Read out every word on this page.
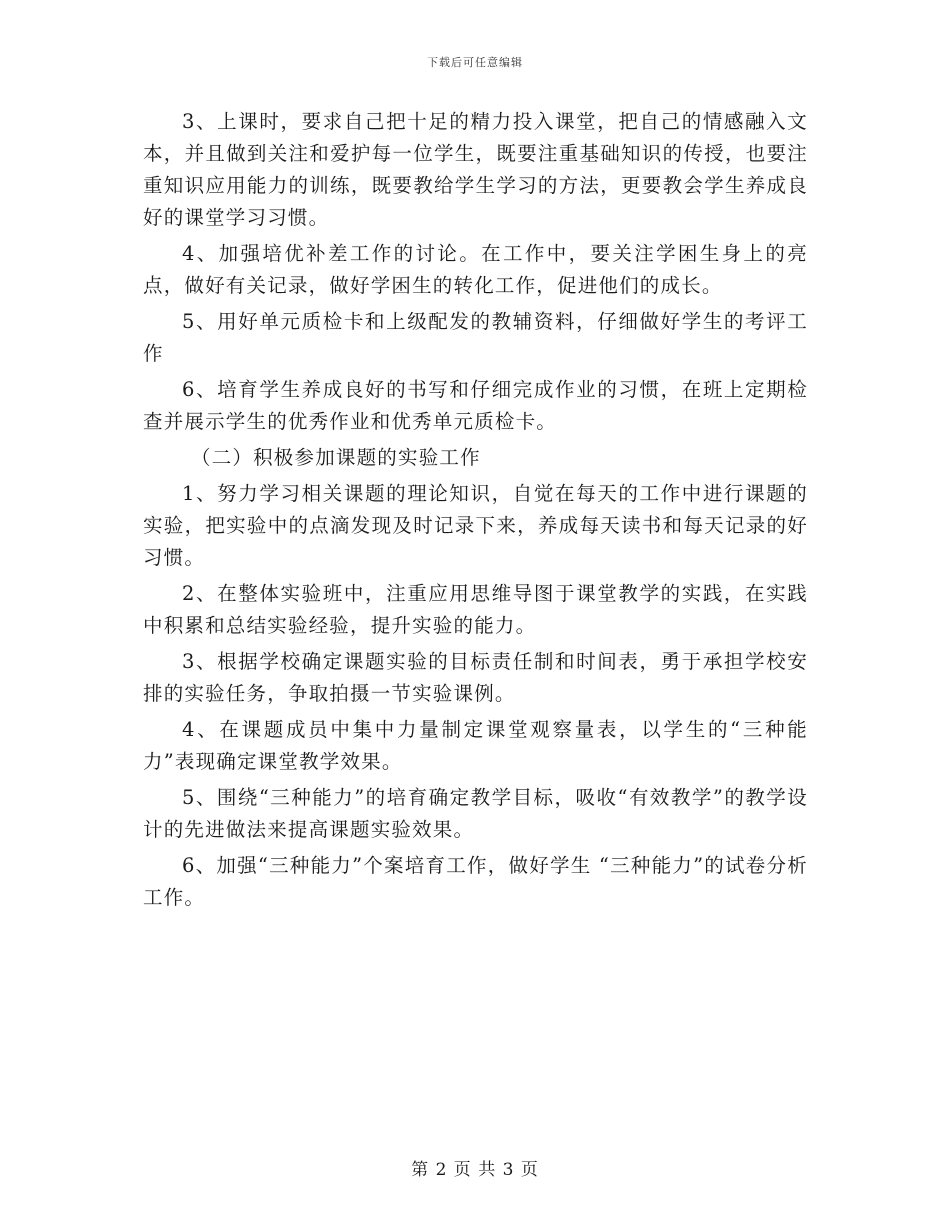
下载后可任意编辑

3、上课时，要求自己把十足的精力投入课堂，把自己的情感融入文本，并且做到关注和爱护每一位学生，既要注重基础知识的传授，也要注重知识应用能力的训练，既要教给学生学习的方法，更要教会学生养成良好的课堂学习习惯。

4、加强培优补差工作的讨论。在工作中，要关注学困生身上的亮点，做好有关记录，做好学困生的转化工作，促进他们的成长。

5、用好单元质检卡和上级配发的教辅资料，仔细做好学生的考评工作

6、培育学生养成良好的书写和仔细完成作业的习惯，在班上定期检查并展示学生的优秀作业和优秀单元质检卡。

（二）积极参加课题的实验工作

1、努力学习相关课题的理论知识，自觉在每天的工作中进行课题的实验，把实验中的点滴发现及时记录下来，养成每天读书和每天记录的好习惯。

2、在整体实验班中，注重应用思维导图于课堂教学的实践，在实践中积累和总结实验经验，提升实验的能力。

3、根据学校确定课题实验的目标责任制和时间表，勇于承担学校安排的实验任务，争取拍摄一节实验课例。

4、在课题成员中集中力量制定课堂观察量表，以学生的“三种能力”表现确定课堂教学效果。

5、围绕“三种能力”的培育确定教学目标，吸收“有效教学”的教学设计的先进做法来提高课题实验效果。

6、加强“三种能力”个案培育工作，做好学生 “三种能力”的试卷分析工作。

第 2 页 共 3 页
